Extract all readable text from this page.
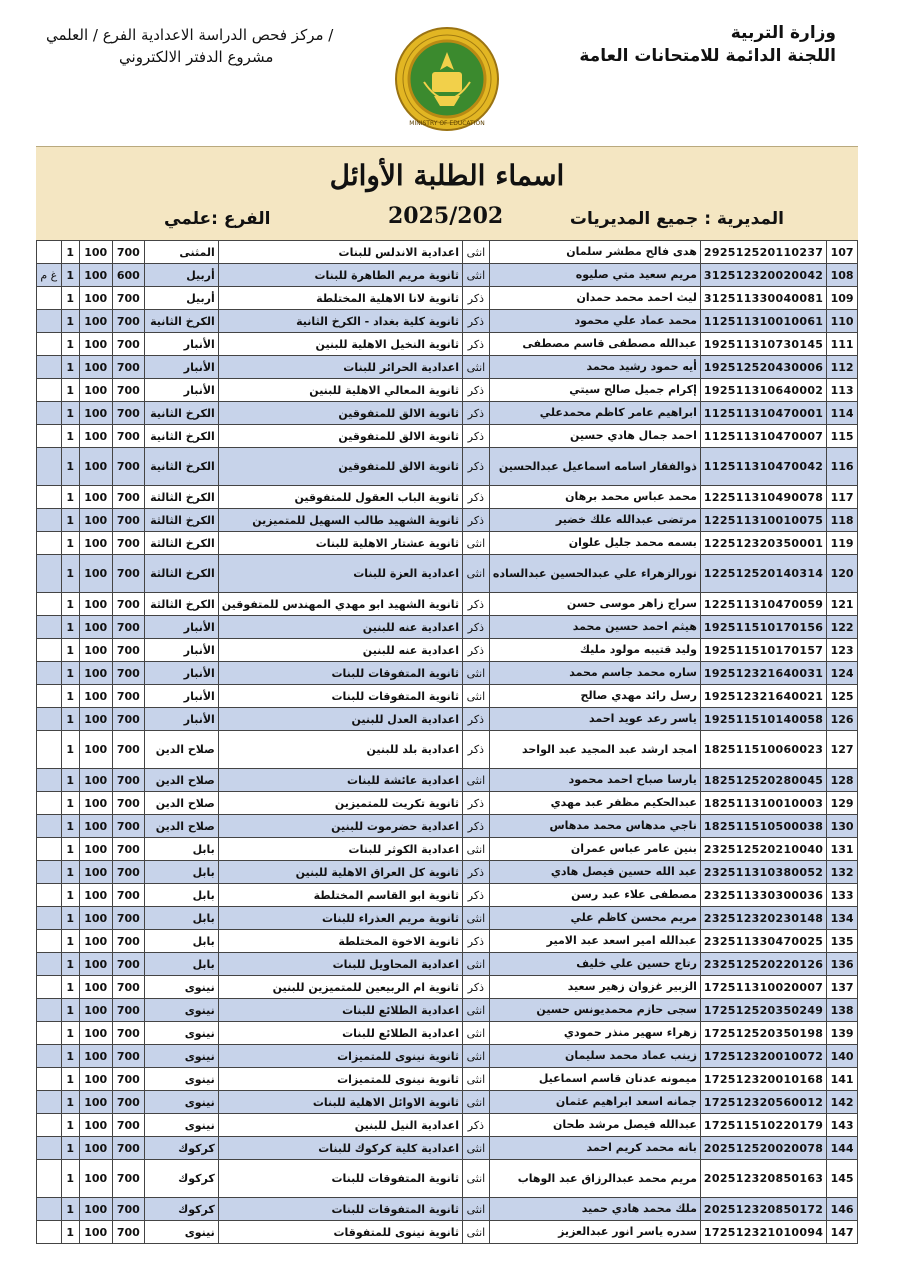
وزارة التربية
اللجنة الدائمة للامتحانات العامة
MINISTRY OF EDUCATION
/ مركز فحص الدراسة الاعدادية الفرع / العلمي
مشروع الدفتر الالكتروني
اسماء الطلبة الأوائل
المديرية : جميع المديريات
2025/202
الفرع :علمي
	1	100	700	المثنى	اعدادية الاندلس للبنات	انثى	هدى فالح مطشر سلمان	292512520110237	107
غ م	1	100	600	أربيل	ثانوية مريم الطاهرة للبنات	انثى	مريم سعيد متي صليوه	312512320020042	108
	1	100	700	أربيل	ثانوية لانا الاهلية المختلطة	ذكر	ليث احمد محمد حمدان	312511330040081	109
	1	100	700	الكرخ الثانية	ثانوية كلية بغداد - الكرخ الثانية	ذكر	محمد عماد علي محمود	112511310010061	110
	1	100	700	الأنبار	ثانوية النخيل الاهلية للبنين	ذكر	عبدالله مصطفى قاسم مصطفى	192511310730145	111
	1	100	700	الأنبار	اعدادية الحرائر للبنات	انثى	أيه حمود رشيد محمد	192512520430006	112
	1	100	700	الأنبار	ثانوية المعالي الاهلية للبنين	ذكر	إكرام جميل صالح سيتي	192511310640002	113
	1	100	700	الكرخ الثانية	ثانوية الالق للمتفوقين	ذكر	ابراهيم عامر كاظم محمدعلي	112511310470001	114
	1	100	700	الكرخ الثانية	ثانوية الالق للمتفوقين	ذكر	احمد جمال هادي حسين	112511310470007	115
	1	100	700	الكرخ الثانية	ثانوية الالق للمتفوقين	ذكر	ذوالفقار اسامه اسماعيل عبدالحسين	112511310470042	116
	1	100	700	الكرخ الثالثة	ثانوية الباب العقول للمتفوقين	ذكر	محمد عباس محمد برهان	122511310490078	117
	1	100	700	الكرخ الثالثة	ثانوية الشهيد طالب السهيل للمتميزين	ذكر	مرتضى عبدالله علك خضير	122511310010075	118
	1	100	700	الكرخ الثالثة	ثانوية عشتار الاهلية للبنات	انثى	بسمه محمد جليل علوان	122512320350001	119
	1	100	700	الكرخ الثالثة	اعدادية العزة للبنات	انثى	نورالزهراء علي عبدالحسين عبدالساده	122512520140314	120
	1	100	700	الكرخ الثالثة	ثانوية الشهيد ابو مهدي المهندس للمتفوقين	ذكر	سراج زاهر موسى حسن	122511310470059	121
	1	100	700	الأنبار	اعدادية عنه للبنين	ذكر	هيثم احمد حسين محمد	192511510170156	122
	1	100	700	الأنبار	اعدادية عنه للبنين	ذكر	وليد قتيبه مولود مليك	192511510170157	123
	1	100	700	الأنبار	ثانوية المتفوقات للبنات	انثى	ساره محمد جاسم محمد	192512321640031	124
	1	100	700	الأنبار	ثانوية المتفوقات للبنات	انثى	رسل رائد مهدي صالح	192512321640021	125
	1	100	700	الأنبار	اعدادية العدل للبنين	ذكر	ياسر رعد عويد احمد	192511510140058	126
	1	100	700	صلاح الدين	اعدادية بلد للبنين	ذكر	امجد ارشد عبد المجيد عبد الواحد	182511510060023	127
	1	100	700	صلاح الدين	اعدادية عائشة للبنات	انثى	يارسا صباح احمد محمود	182512520280045	128
	1	100	700	صلاح الدين	ثانوية تكريت للمتميزين	ذكر	عبدالحكيم مظفر عبد مهدي	182511310010003	129
	1	100	700	صلاح الدين	اعدادية حضرموت للبنين	ذكر	ناجي مدهاس محمد مدهاس	182511510500038	130
	1	100	700	بابل	اعدادية الكوثر للبنات	انثى	بنين عامر عباس عمران	232512520210040	131
	1	100	700	بابل	ثانوية كل العراق الاهلية للبنين	ذكر	عبد الله حسين فيصل هادي	232511310380052	132
	1	100	700	بابل	ثانوية ابو القاسم المختلطة	ذكر	مصطفى علاء عبد رسن	232511330300036	133
	1	100	700	بابل	ثانوية مريم العذراء للبنات	انثى	مريم محسن كاظم علي	232512320230148	134
	1	100	700	بابل	ثانوية الاخوة المختلطة	ذكر	عبدالله امير اسعد عبد الامير	232511330470025	135
	1	100	700	بابل	اعدادية المحاويل للبنات	انثى	رتاج حسين علي خليف	232512520220126	136
	1	100	700	نينوى	ثانوية ام الربيعين للمتميزين للبنين	ذكر	الزبير غزوان زهير سعيد	172511310020007	137
	1	100	700	نينوى	اعدادية الطلائع للبنات	انثى	سجى حازم محمديونس حسين	172512520350249	138
	1	100	700	نينوى	اعدادية الطلائع للبنات	انثى	زهراء سهير منذر حمودي	172512520350198	139
	1	100	700	نينوى	ثانوية نينوى للمتميزات	انثى	زينب عماد محمد سليمان	172512320010072	140
	1	100	700	نينوى	ثانوية نينوى للمتميزات	انثى	ميمونه عدنان قاسم اسماعيل	172512320010168	141
	1	100	700	نينوى	ثانوية الاوائل الاهلية للبنات	انثى	جمانه اسعد ابراهيم عثمان	172512320560012	142
	1	100	700	نينوى	اعدادية النيل للبنين	ذكر	عبدالله فيصل مرشد طحان	172511510220179	143
	1	100	700	كركوك	اعدادية كلية كركوك للبنات	انثى	بانه محمد كريم احمد	202512520020078	144
	1	100	700	كركوك	ثانوية المتفوقات للبنات	انثى	مريم محمد عبدالرزاق عبد الوهاب	202512320850163	145
	1	100	700	كركوك	ثانوية المتفوقات للبنات	انثى	ملك محمد هادي حميد	202512320850172	146
	1	100	700	نينوى	ثانوية نينوى للمتفوقات	انثى	سدره ياسر انور عبدالعزيز	172512321010094	147
